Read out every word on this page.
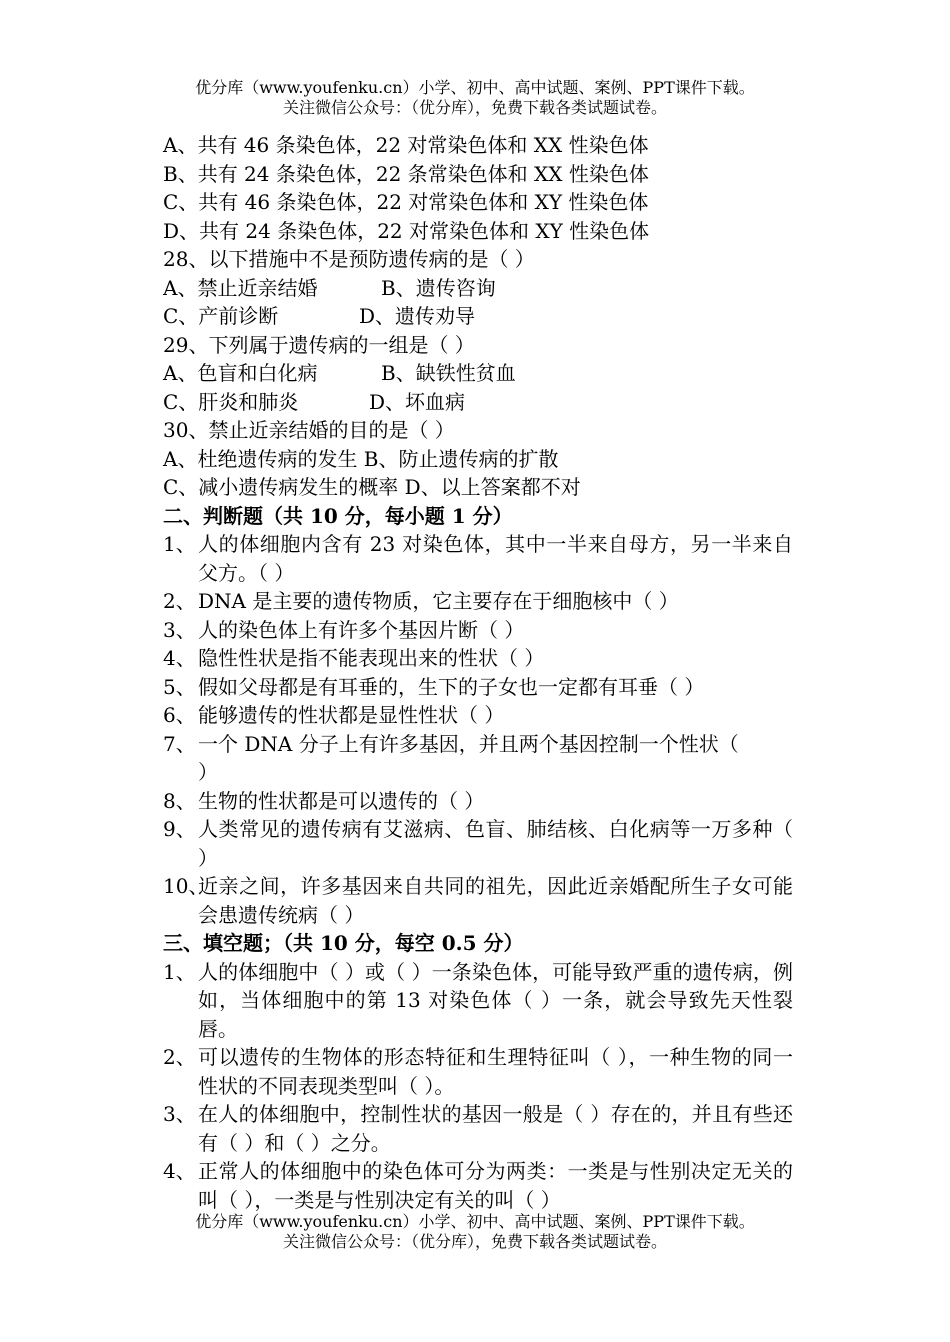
优分库（www.youfenku.cn）小学、初中、高中试题、案例、PPT课件下载。
关注微信公众号：（优分库），免费下载各类试题试卷。
A、共有 46 条染色体，22 对常染色体和 XX 性染色体
B、共有 24 条染色体，22 条常染色体和 XX 性染色体
C、共有 46 条染色体，22 对常染色体和 XY 性染色体
D、共有 24 条染色体，22 对常染色体和 XY 性染色体
28、以下措施中不是预防遗传病的是（ ）
A、禁止近亲结婚	B、遗传咨询
C、产前诊断	D、遗传劝导
29、下列属于遗传病的一组是（ ）
A、色盲和白化病	B、缺铁性贫血
C、肝炎和肺炎	D、坏血病
30、禁止近亲结婚的目的是（ ）
A、杜绝遗传病的发生 B、防止遗传病的扩散
C、减小遗传病发生的概率 D、以上答案都不对
二、判断题（共 10 分，每小题 1 分）
1、 人的体细胞内含有 23 对染色体，其中一半来自母方，另一半来自父方。（ ）
2、 DNA 是主要的遗传物质，它主要存在于细胞核中（ ）
3、 人的染色体上有许多个基因片断（ ）
4、 隐性性状是指不能表现出来的性状（ ）
5、 假如父母都是有耳垂的，生下的子女也一定都有耳垂（ ）
6、 能够遗传的性状都是显性性状（ ）
7、 一个 DNA 分子上有许多基因，并且两个基因控制一个性状（
）
8、 生物的性状都是可以遗传的（ ）
9、 人类常见的遗传病有艾滋病、色盲、肺结核、白化病等一万多种（ ）
10、
近亲之间，许多基因来自共同的祖先，因此近亲婚配所生子女可能会患遗传统病（ ）
三、填空题；（共 10 分，每空 0.5 分）
1、 人的体细胞中（ ）或（ ）一条染色体，可能导致严重的遗传病，例如，当体细胞中的第 13 对染色体（ ）一条，就会导致先天性裂唇。
2、 可以遗传的生物体的形态特征和生理特征叫（ ），一种生物的同一性状的不同表现类型叫（ ）。
3、 在人的体细胞中，控制性状的基因一般是（ ）存在的，并且有些还有（ ）和（ ）之分。
4、 正常人的体细胞中的染色体可分为两类：一类是与性别决定无关的叫（ ），一类是与性别决定有关的叫（ ）
优分库（www.youfenku.cn）小学、初中、高中试题、案例、PPT课件下载。
关注微信公众号：（优分库），免费下载各类试题试卷。
